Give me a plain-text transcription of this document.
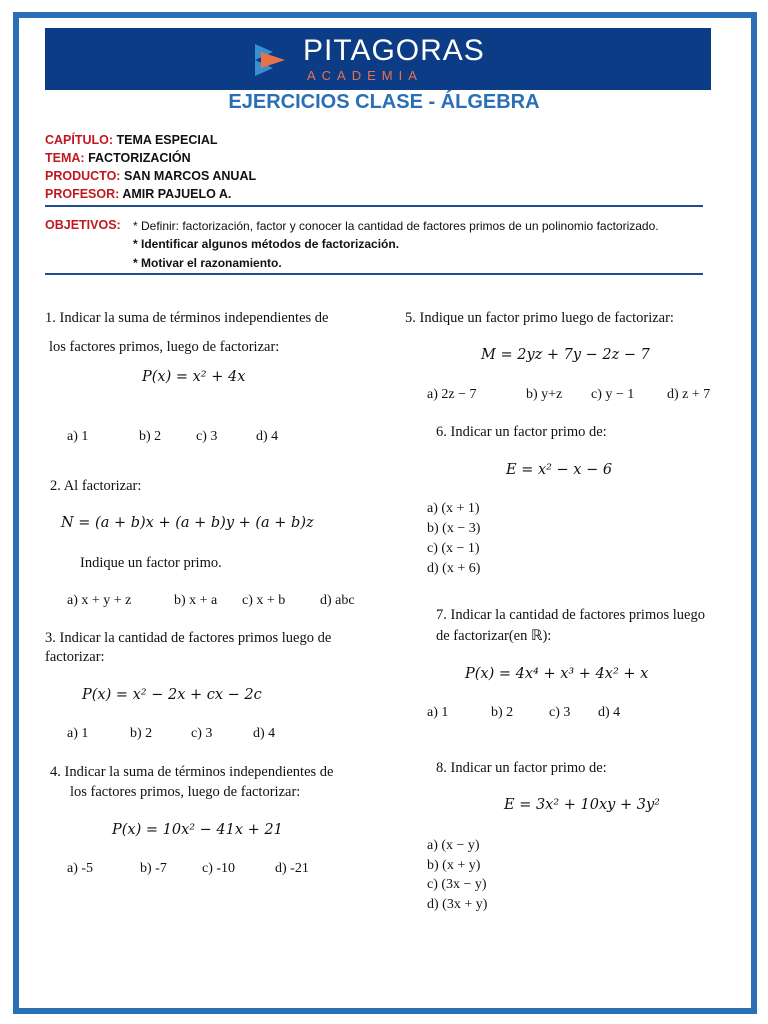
PITAGORAS
ACADEMIA
EJERCICIOS CLASE - ÁLGEBRA
CAPÍTULO: TEMA ESPECIAL
TEMA: FACTORIZACIÓN
PRODUCTO: SAN MARCOS ANUAL
PROFESOR: AMIR PAJUELO A.
OBJETIVOS: * Definir: factorización, factor y conocer la cantidad de factores primos de un polinomio factorizado.
* Identificar algunos métodos de factorización.
* Motivar el razonamiento.
1. Indicar la suma de términos independientes de
los factores primos, luego de factorizar:
P(x) = x² + 4x
a) 1	b) 2 c) 3	d) 4
2. Al factorizar:
N = (a + b)x + (a + b)y + (a + b)z
Indique un factor primo.
a) x + y + z	b) x + a c) x + b d) abc
3. Indicar la cantidad de factores primos luego de
factorizar:
P(x) = x² − 2x + cx − 2c
a) 1	b) 2	c) 3	d) 4
4. Indicar la suma de términos independientes de
los factores primos, luego de factorizar:
P(x) = 10x² − 41x + 21
a) -5	b) -7	c) -10	d) -21
5. Indique un factor primo luego de factorizar:
M = 2yz + 7y − 2z − 7
a) 2z − 7	b) y+z c) y − 1 d) z + 7
6. Indicar un factor primo de:
E = x² − x − 6
a) (x + 1)
b) (x − 3)
c) (x − 1)
d) (x + 6)
7. Indicar la cantidad de factores primos luego
de factorizar(en ℝ):
P(x) = 4x⁴ + x³ + 4x² + x
a) 1	b) 2	c) 3 d) 4
8. Indicar un factor primo de:
E = 3x² + 10xy + 3y²
a) (x − y)
b) (x + y)
c) (3x − y)
d) (3x + y)
